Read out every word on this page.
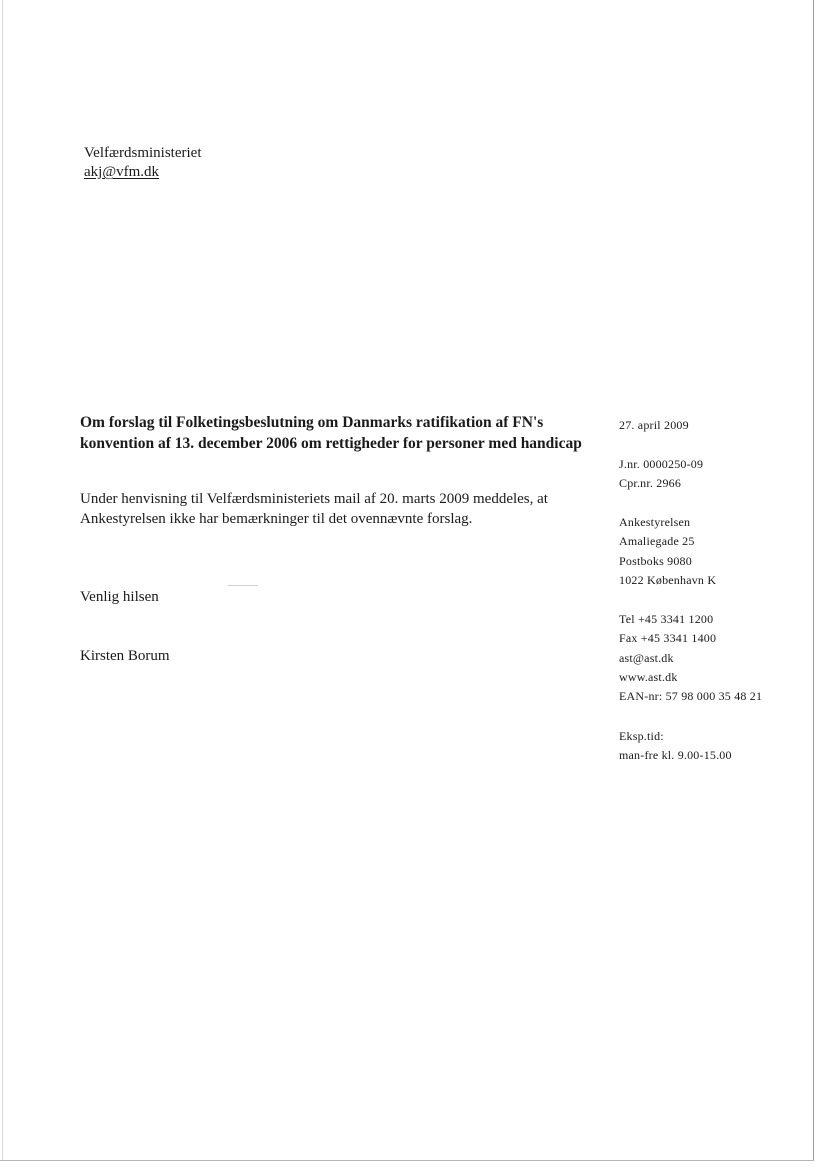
Velfærdsministeriet
akj@vfm.dk
Om forslag til Folketingsbeslutning om Danmarks ratifikation af FN's
konvention af 13. december 2006 om rettigheder for personer med handicap
Under henvisning til Velfærdsministeriets mail af 20. marts 2009 meddeles, at
Ankestyrelsen ikke har bemærkninger til det ovennævnte forslag.
Venlig hilsen
Kirsten Borum
27. april 2009
J.nr. 0000250-09
Cpr.nr. 2966
Ankestyrelsen
Amaliegade 25
Postboks 9080
1022 København K
Tel +45 3341 1200
Fax +45 3341 1400
ast@ast.dk
www.ast.dk
EAN-nr: 57 98 000 35 48 21
Eksp.tid:
man-fre kl. 9.00-15.00
